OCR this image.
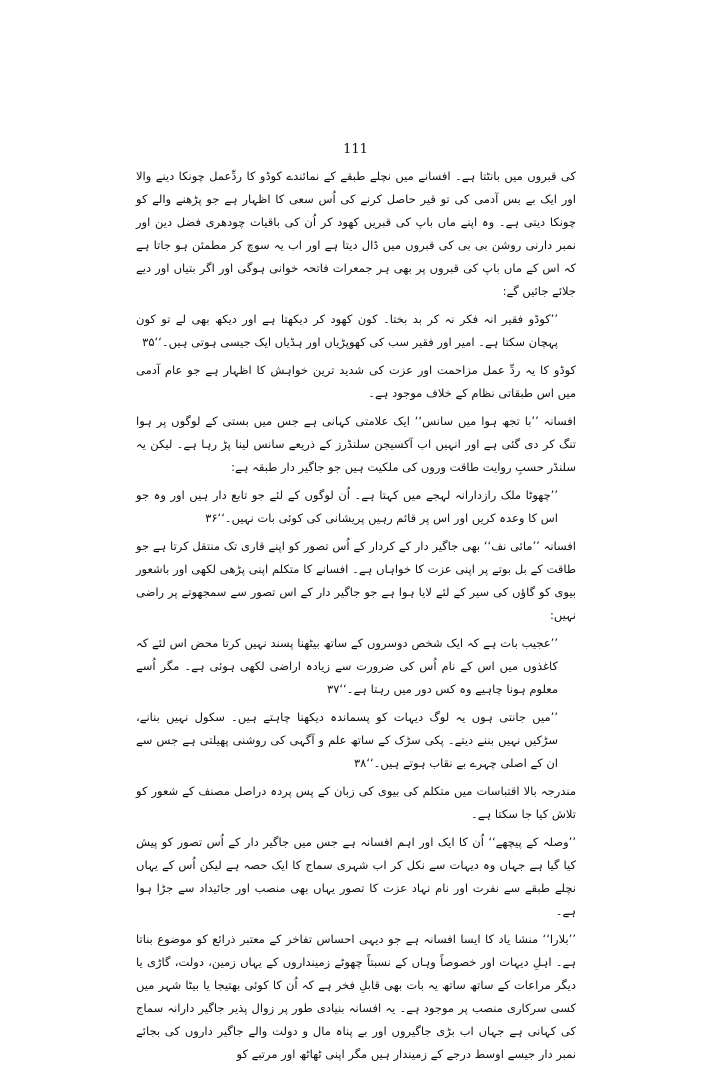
111

کی قبروں میں بانٹتا ہے۔ افسانے میں نچلے طبقے کے نمائندے کوڈو کا ردِّعمل چونکا دینے والا اور ایک بے بس آدمی کی تو قیر حاصل کرنے کی اُس سعی کا اظہار ہے جو پڑھنے والے کو چونکا دیتی ہے۔ وہ اپنے ماں باپ کی قبریں کھود کر اُن کی باقیات چودھری فضل دین اور نمبر دارنی روشن بی بی کی قبروں میں ڈال دیتا ہے اور اب یہ سوچ کر مطمئن ہو جاتا ہے کہ اس کے ماں باپ کی قبروں پر بھی ہر جمعرات فاتحہ خوانی ہوگی اور اگر بتیاں اور دیے جلائے جائیں گے:

’’کوڈو فقیر انہ فکر نہ کر بد بختا۔ کون کھود کر دیکھتا ہے اور دیکھ بھی لے تو کون پہچان سکتا ہے۔ امیر اور فقیر سب کی کھوپڑیاں اور ہڈیاں ایک جیسی ہوتی ہیں۔‘‘۳۵

کوڈو کا یہ ردِّ عمل مزاحمت اور عزت کی شدید ترین خواہش کا اظہار ہے جو عام آدمی میں اس طبقاتی نظام کے خلاف موجود ہے۔

افسانہ ’’با تجھ ہوا میں سانس‘‘ ایک علامتی کہانی ہے جس میں بستی کے لوگوں پر ہوا تنگ کر دی گئی ہے اور انہیں اب آکسیجن سلنڈرز کے ذریعے سانس لینا پڑ رہا ہے۔ لیکن یہ سلنڈر حسبِ روایت طاقت وروں کی ملکیت ہیں جو جاگیر دار طبقہ ہے:

’’چھوٹا ملک رازدارانہ لہجے میں کہتا ہے۔ اُن لوگوں کے لئے جو تابع دار ہیں اور وہ جو اس کا وعدہ کریں اور اس پر قائم رہیں پریشانی کی کوئی بات نہیں۔‘‘۳۶

افسانہ ’’مائی نف‘‘ بھی جاگیر دار کے کردار کے اُس تصور کو اپنے قاری تک منتقل کرتا ہے جو طاقت کے بل بوتے پر اپنی عزت کا خواہاں ہے۔ افسانے کا متکلم اپنی پڑھی لکھی اور باشعور بیوی کو گاؤں کی سیر کے لئے لایا ہوا ہے جو جاگیر دار کے اس تصور سے سمجھوتے پر راضی نہیں:

’’عجیب بات ہے کہ ایک شخص دوسروں کے ساتھ بیٹھنا پسند نہیں کرتا محض اس لئے کہ کاغذوں میں اس کے نام اُس کی ضرورت سے زیادہ اراضی لکھی ہوئی ہے۔ مگر اُسے معلوم ہونا چاہیے وہ کس دور میں رہتا ہے۔‘‘۳۷

’’میں جانتی ہوں یہ لوگ دیہات کو پسماندہ دیکھنا چاہتے ہیں۔ سکول نہیں بنانے، سڑکیں نہیں بننے دیتے۔ پکی سڑک کے ساتھ علم و آگہی کی روشنی پھیلتی ہے جس سے ان کے اصلی چہرے بے نقاب ہوتے ہیں۔‘‘۳۸

مندرجہ بالا اقتباسات میں متکلم کی بیوی کی زبان کے پس پردہ دراصل مصنف کے شعور کو تلاش کیا جا سکتا ہے۔

’’وصلہ کے پیچھے‘‘ اُن کا ایک اور اہم افسانہ ہے جس میں جاگیر دار کے اُس تصور کو پیش کیا گیا ہے جہاں وہ دیہات سے نکل کر اب شہری سماج کا ایک حصہ ہے لیکن اُس کے یہاں نچلے طبقے سے نفرت اور نام نہاد عزت کا تصور یہاں بھی منصب اور جائیداد سے جڑا ہوا ہے۔

’’بلارا‘‘ منشا یاد کا ایسا افسانہ ہے جو دیہی احساس تفاخر کے معتبر ذرائع کو موضوع بناتا ہے۔ اہلِ دیہات اور خصوصاً وہاں کے نسبتاً چھوٹے زمینداروں کے یہاں زمین، دولت، گاڑی یا دیگر مراعات کے ساتھ ساتھ یہ بات بھی قابلِ فخر ہے کہ اُن کا کوئی بھتیجا یا بیٹا شہر میں کسی سرکاری منصب پر موجود ہے۔ یہ افسانہ بنیادی طور پر زوال پذیر جاگیر دارانہ سماج کی کہانی ہے جہاں اب بڑی جاگیروں اور بے پناہ مال و دولت والے جاگیر داروں کی بجائے نمبر دار جیسے اوسط درجے کے زمیندار ہیں مگر اپنی ٹھاٹھ اور مرتبے کو
